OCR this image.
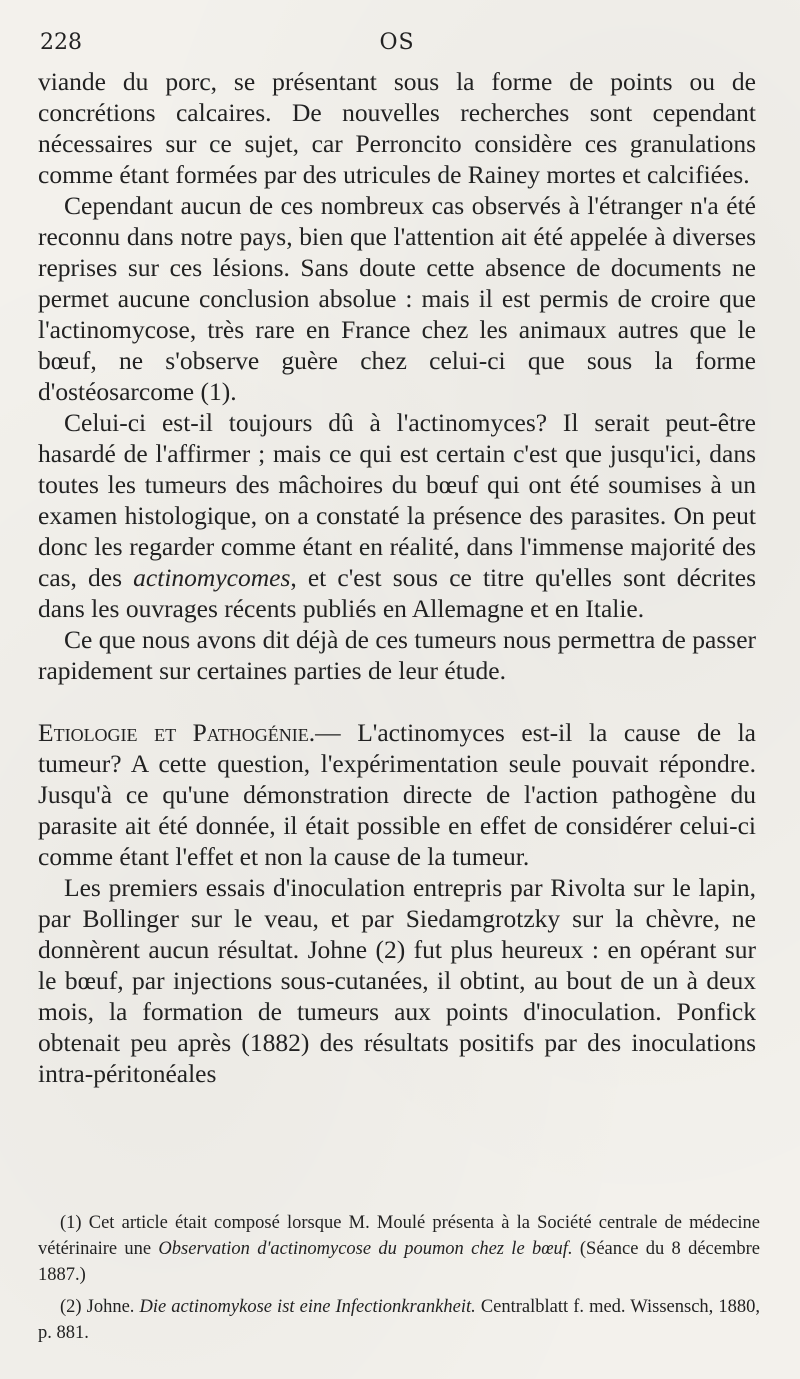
228	OS

viande du porc, se présentant sous la forme de points ou de concrétions calcaires. De nouvelles recherches sont cependant nécessaires sur ce sujet, car Perroncito considère ces granulations comme étant formées par des utricules de Rainey mortes et calcifiées.

Cependant aucun de ces nombreux cas observés à l'étranger n'a été reconnu dans notre pays, bien que l'attention ait été appelée à diverses reprises sur ces lésions. Sans doute cette absence de documents ne permet aucune conclusion absolue : mais il est permis de croire que l'actinomycose, très rare en France chez les animaux autres que le bœuf, ne s'observe guère chez celui-ci que sous la forme d'ostéosarcome (1).

Celui-ci est-il toujours dû à l'actinomyces? Il serait peut-être hasardé de l'affirmer ; mais ce qui est certain c'est que jusqu'ici, dans toutes les tumeurs des mâchoires du bœuf qui ont été soumises à un examen histologique, on a constaté la présence des parasites. On peut donc les regarder comme étant en réalité, dans l'immense majorité des cas, des actinomycomes, et c'est sous ce titre qu'elles sont décrites dans les ouvrages récents publiés en Allemagne et en Italie.

Ce que nous avons dit déjà de ces tumeurs nous permettra de passer rapidement sur certaines parties de leur étude.

Etiologie et Pathogénie.— L'actinomyces est-il la cause de la tumeur? A cette question, l'expérimentation seule pouvait répondre. Jusqu'à ce qu'une démonstration directe de l'action pathogène du parasite ait été donnée, il était possible en effet de considérer celui-ci comme étant l'effet et non la cause de la tumeur.

Les premiers essais d'inoculation entrepris par Rivolta sur le lapin, par Bollinger sur le veau, et par Siedamgrotzky sur la chèvre, ne donnèrent aucun résultat. Johne (2) fut plus heureux : en opérant sur le bœuf, par injections sous-cutanées, il obtint, au bout de un à deux mois, la formation de tumeurs aux points d'inoculation. Ponfick obtenait peu après (1882) des résultats positifs par des inoculations intra-péritonéales

(1) Cet article était composé lorsque M. Moulé présenta à la Société centrale de médecine vétérinaire une Observation d'actinomycose du poumon chez le bœuf. (Séance du 8 décembre 1887.)

(2) Johne. Die actinomykose ist eine Infectionkrankheit. Centralblatt f. med. Wissensch, 1880, p. 881.
